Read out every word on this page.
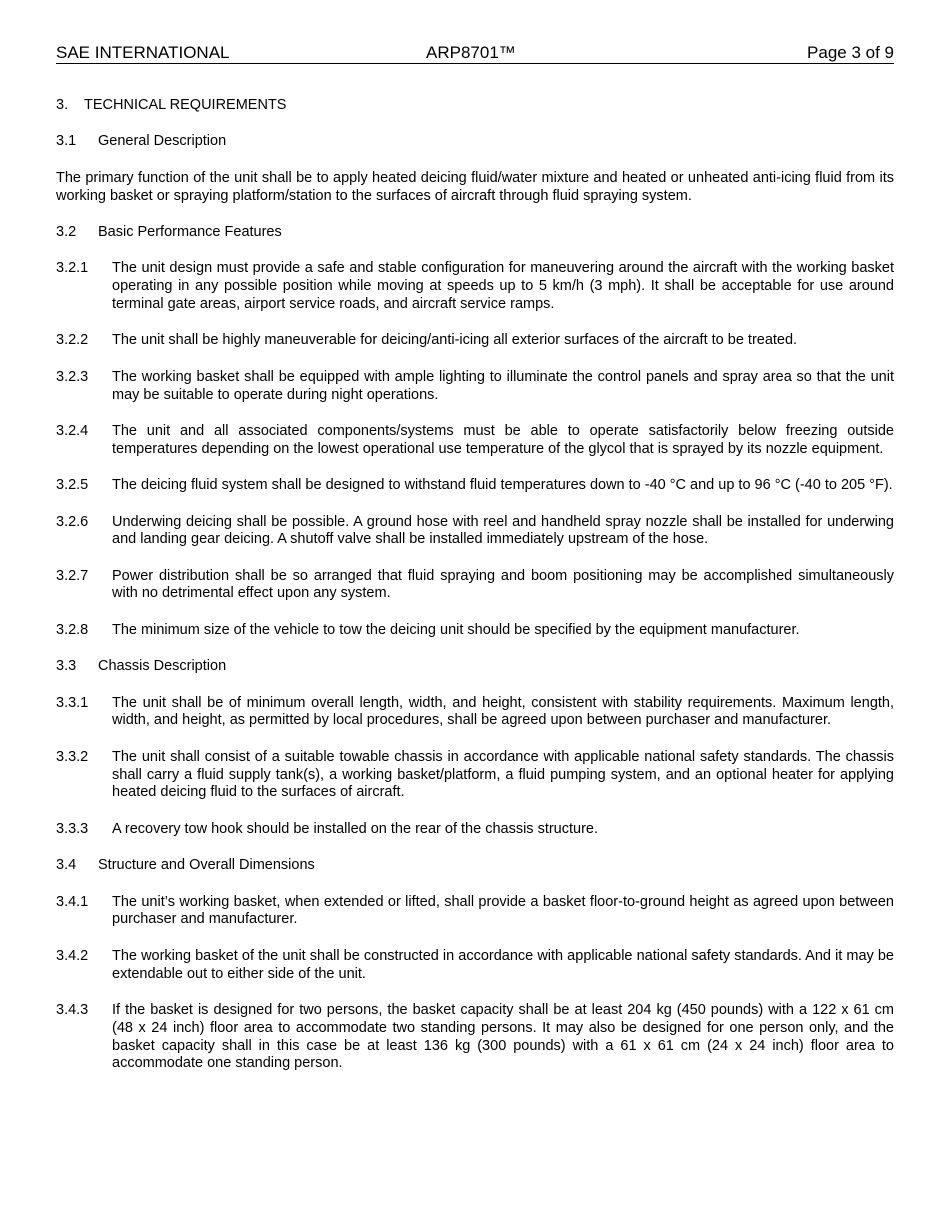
SAE INTERNATIONAL	ARP8701™	Page 3 of 9
3.	TECHNICAL REQUIREMENTS
3.1	General Description
The primary function of the unit shall be to apply heated deicing fluid/water mixture and heated or unheated anti-icing fluid from its working basket or spraying platform/station to the surfaces of aircraft through fluid spraying system.
3.2	Basic Performance Features
3.2.1	The unit design must provide a safe and stable configuration for maneuvering around the aircraft with the working basket operating in any possible position while moving at speeds up to 5 km/h (3 mph). It shall be acceptable for use around terminal gate areas, airport service roads, and aircraft service ramps.
3.2.2	The unit shall be highly maneuverable for deicing/anti-icing all exterior surfaces of the aircraft to be treated.
3.2.3	The working basket shall be equipped with ample lighting to illuminate the control panels and spray area so that the unit may be suitable to operate during night operations.
3.2.4	The unit and all associated components/systems must be able to operate satisfactorily below freezing outside temperatures depending on the lowest operational use temperature of the glycol that is sprayed by its nozzle equipment.
3.2.5	The deicing fluid system shall be designed to withstand fluid temperatures down to -40 °C and up to 96 °C (-40 to 205 °F).
3.2.6	Underwing deicing shall be possible. A ground hose with reel and handheld spray nozzle shall be installed for underwing and landing gear deicing. A shutoff valve shall be installed immediately upstream of the hose.
3.2.7	Power distribution shall be so arranged that fluid spraying and boom positioning may be accomplished simultaneously with no detrimental effect upon any system.
3.2.8	The minimum size of the vehicle to tow the deicing unit should be specified by the equipment manufacturer.
3.3	Chassis Description
3.3.1	The unit shall be of minimum overall length, width, and height, consistent with stability requirements. Maximum length, width, and height, as permitted by local procedures, shall be agreed upon between purchaser and manufacturer.
3.3.2	The unit shall consist of a suitable towable chassis in accordance with applicable national safety standards. The chassis shall carry a fluid supply tank(s), a working basket/platform, a fluid pumping system, and an optional heater for applying heated deicing fluid to the surfaces of aircraft.
3.3.3	A recovery tow hook should be installed on the rear of the chassis structure.
3.4	Structure and Overall Dimensions
3.4.1	The unit’s working basket, when extended or lifted, shall provide a basket floor-to-ground height as agreed upon between purchaser and manufacturer.
3.4.2	The working basket of the unit shall be constructed in accordance with applicable national safety standards. And it may be extendable out to either side of the unit.
3.4.3	If the basket is designed for two persons, the basket capacity shall be at least 204 kg (450 pounds) with a 122 x 61 cm (48 x 24 inch) floor area to accommodate two standing persons. It may also be designed for one person only, and the basket capacity shall in this case be at least 136 kg (300 pounds) with a 61 x 61 cm (24 x 24 inch) floor area to accommodate one standing person.
